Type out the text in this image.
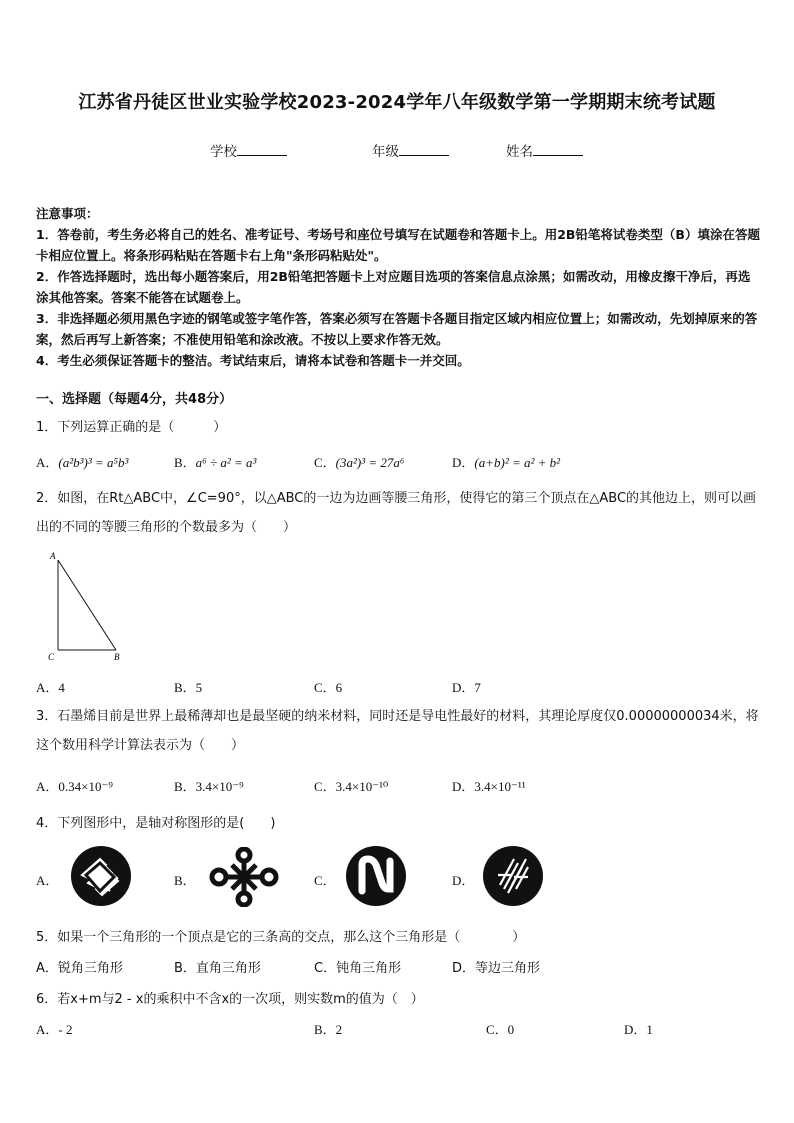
江苏省丹徒区世业实验学校2023-2024学年八年级数学第一学期期末统考试题
学校	年级	姓名

注意事项：

1．答卷前，考生务必将自己的姓名、准考证号、考场号和座位号填写在试题卷和答题卡上。用2B铅笔将试卷类型（B）填涂在答题卡相应位置上。将条形码粘贴在答题卡右上角"条形码粘贴处"。

2．作答选择题时，选出每小题答案后，用2B铅笔把答题卡上对应题目选项的答案信息点涂黑；如需改动，用橡皮擦干净后，再选涂其他答案。答案不能答在试题卷上。

3．非选择题必须用黑色字迹的钢笔或签字笔作答，答案必须写在答题卡各题目指定区域内相应位置上；如需改动，先划掉原来的答案，然后再写上新答案；不准使用铅笔和涂改液。不按以上要求作答无效。

4．考生必须保证答题卡的整洁。考试结束后，请将本试卷和答题卡一并交回。

一、选择题（每题4分，共48分）
1．下列运算正确的是（　　　）
A．(a²b³)³ = a⁵b³	B．a⁶ ÷ a² = a³	C．(3a²)³ = 27a⁶	D．(a+b)² = a² + b²
2．如图，在Rt△ABC中，∠C=90°，以△ABC的一边为边画等腰三角形，使得它的第三个顶点在△ABC的其他边上，则可以画出的不同的等腰三角形的个数最多为（　　）
A
C	B
A．4	B．5	C．6	D．7
3．石墨烯目前是世界上最稀薄却也是最坚硬的纳米材料，同时还是导电性最好的材料，其理论厚度仅0.00000000034米，将这个数用科学计算法表示为（　　）
A．0.34×10⁻⁹	B．3.4×10⁻⁹	C．3.4×10⁻¹⁰	D．3.4×10⁻¹¹
4．下列图形中，是轴对称图形的是(　　)
A．	B．	C．	D．
5．如果一个三角形的一个顶点是它的三条高的交点，那么这个三角形是（　　　　）
A．锐角三角形	B．直角三角形	C．钝角三角形	D．等边三角形
6．若x+m与2 - x的乘积中不含x的一次项，则实数m的值为（　）
A．- 2	B．2	C．0	D．1
